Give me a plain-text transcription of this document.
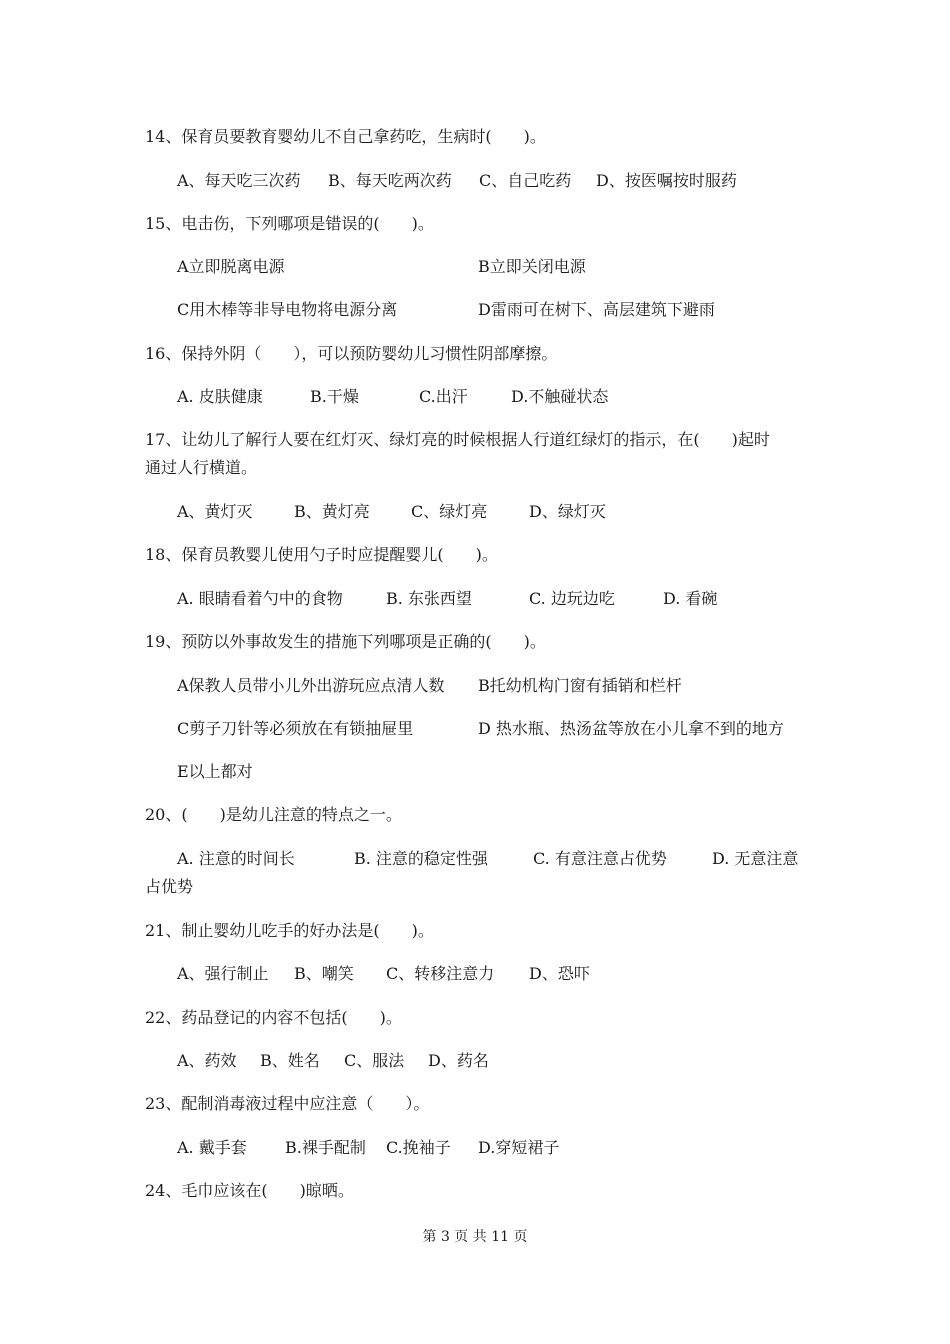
14、保育员要教育婴幼儿不自己拿药吃，生病时(　　)。
A、每天吃三次药 B、每天吃两次药 C、自己吃药 D、按医嘱按时服药
15、电击伤，下列哪项是错误的(　　)。
A立即脱离电源	B立即关闭电源
C用木棒等非导电物将电源分离	D雷雨可在树下、高层建筑下避雨
16、保持外阴（　　），可以预防婴幼儿习惯性阴部摩擦。
A. 皮肤健康	B.干燥	C.出汗	D.不触碰状态
17、让幼儿了解行人要在红灯灭、绿灯亮的时候根据人行道红绿灯的指示，在(　　)起时
通过人行横道。
A、黄灯灭	B、黄灯亮	C、绿灯亮	D、绿灯灭
18、保育员教婴儿使用勺子时应提醒婴儿(　　)。
A. 眼睛看着勺中的食物	B. 东张西望	C. 边玩边吃	D. 看碗
19、预防以外事故发生的措施下列哪项是正确的(　　)。
A保教人员带小儿外出游玩应点清人数 B托幼机构门窗有插销和栏杆
C剪子刀针等必须放在有锁抽屉里	D 热水瓶、热汤盆等放在小儿拿不到的地方
E以上都对
20、(　　)是幼儿注意的特点之一。
A. 注意的时间长	B. 注意的稳定性强	C. 有意注意占优势	D. 无意注意
占优势
21、制止婴幼儿吃手的好办法是(　　)。
A、强行制止 B、嘲笑 C、转移注意力 D、恐吓
22、药品登记的内容不包括(　　)。
A、药效 B、姓名 C、服法 D、药名
23、配制消毒液过程中应注意（　　）。
A. 戴手套 B.裸手配制 C.挽袖子 D.穿短裙子
24、毛巾应该在(　　)晾晒。
第 3 页 共 11 页
